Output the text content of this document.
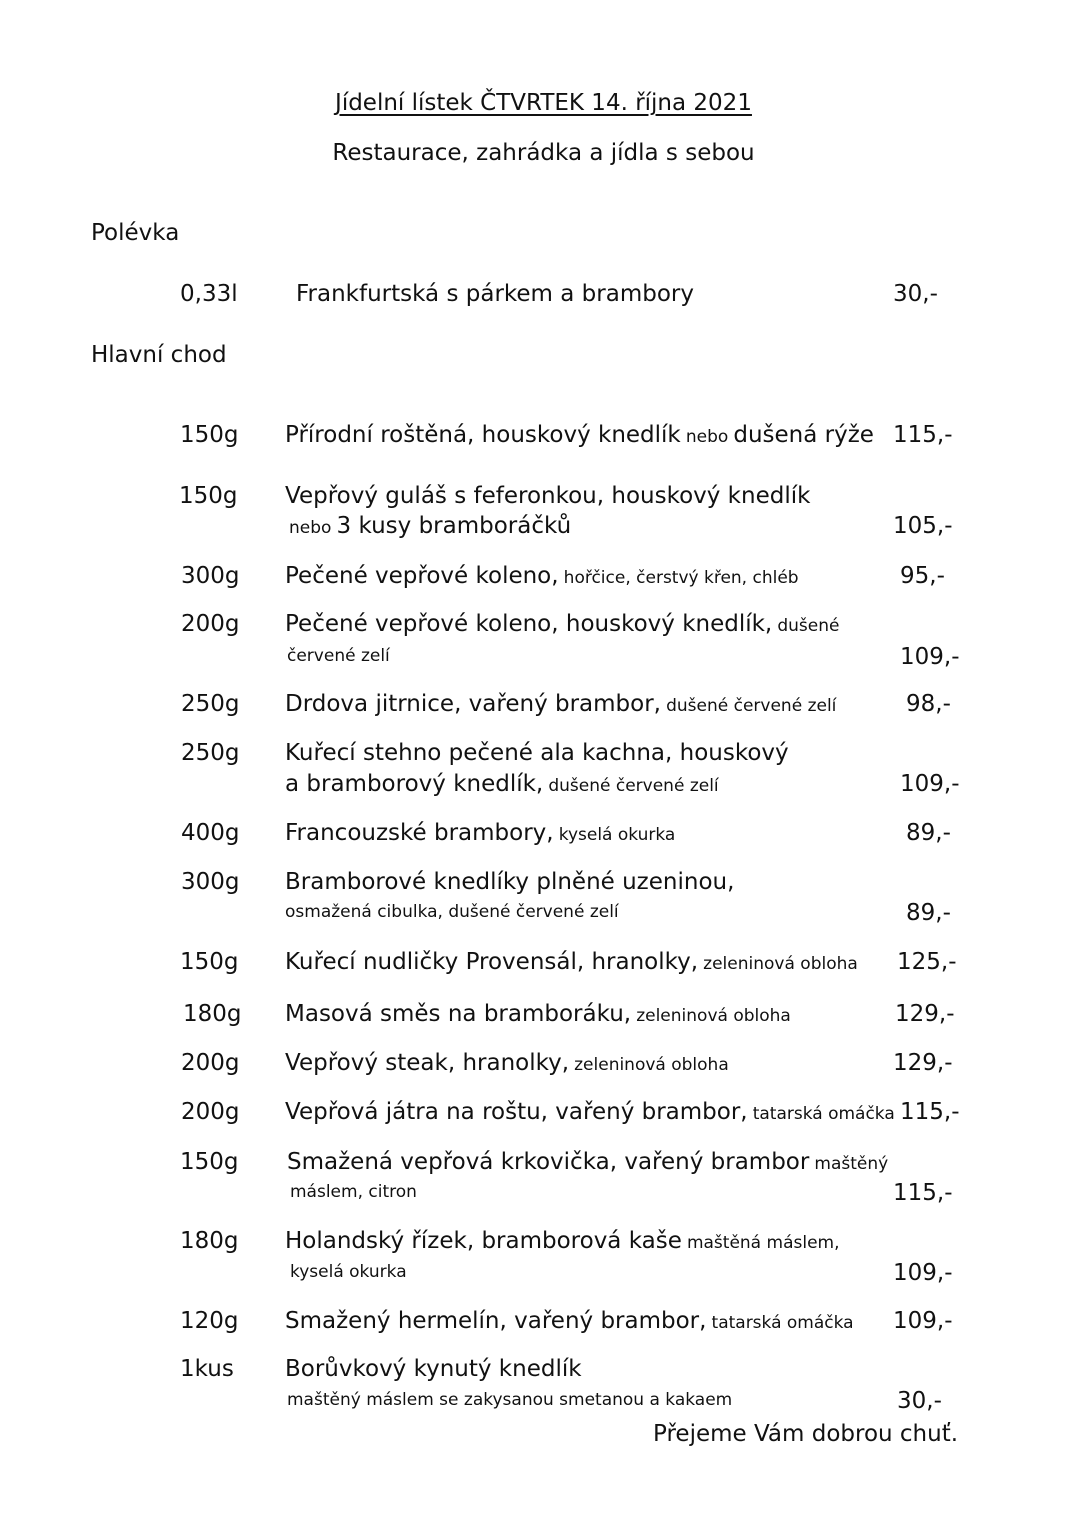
Jídelní lístek ČTVRTEK 14. října 2021
Restaurace, zahrádka a jídla s sebou
Polévka
0,33l	Frankfurtská s párkem a brambory	30,-
Hlavní chod
150g Přírodní roštěná, houskový knedlík nebo dušená rýže 115,-
150g Vepřový guláš s feferonkou, houskový knedlík
nebo 3 kusy bramboráčků	105,-
300g Pečené vepřové koleno, hořčice, čerstvý křen, chléb	95,-
200g Pečené vepřové koleno, houskový knedlík, dušené
červené zelí	109,-
250g Drdova jitrnice, vařený brambor, dušené červené zelí	98,-
250g Kuřecí stehno pečené ala kachna, houskový
a bramborový knedlík, dušené červené zelí	109,-
400g Francouzské brambory, kyselá okurka	89,-
300g Bramborové knedlíky plněné uzeninou,
osmažená cibulka, dušené červené zelí	89,-
150g Kuřecí nudličky Provensál, hranolky, zeleninová obloha 125,-
180g Masová směs na bramboráku, zeleninová obloha	129,-
200g Vepřový steak, hranolky, zeleninová obloha	129,-
200g Vepřová játra na roštu, vařený brambor, tatarská omáčka 115,-
150g Smažená vepřová krkovička, vařený brambor maštěný
máslem, citron	115,-
180g Holandský řízek, bramborová kaše maštěná máslem,
kyselá okurka	109,-
120g Smažený hermelín, vařený brambor, tatarská omáčka 109,-
1kus Borůvkový kynutý knedlík
maštěný máslem se zakysanou smetanou a kakaem	30,-
Přejeme Vám dobrou chuť.
